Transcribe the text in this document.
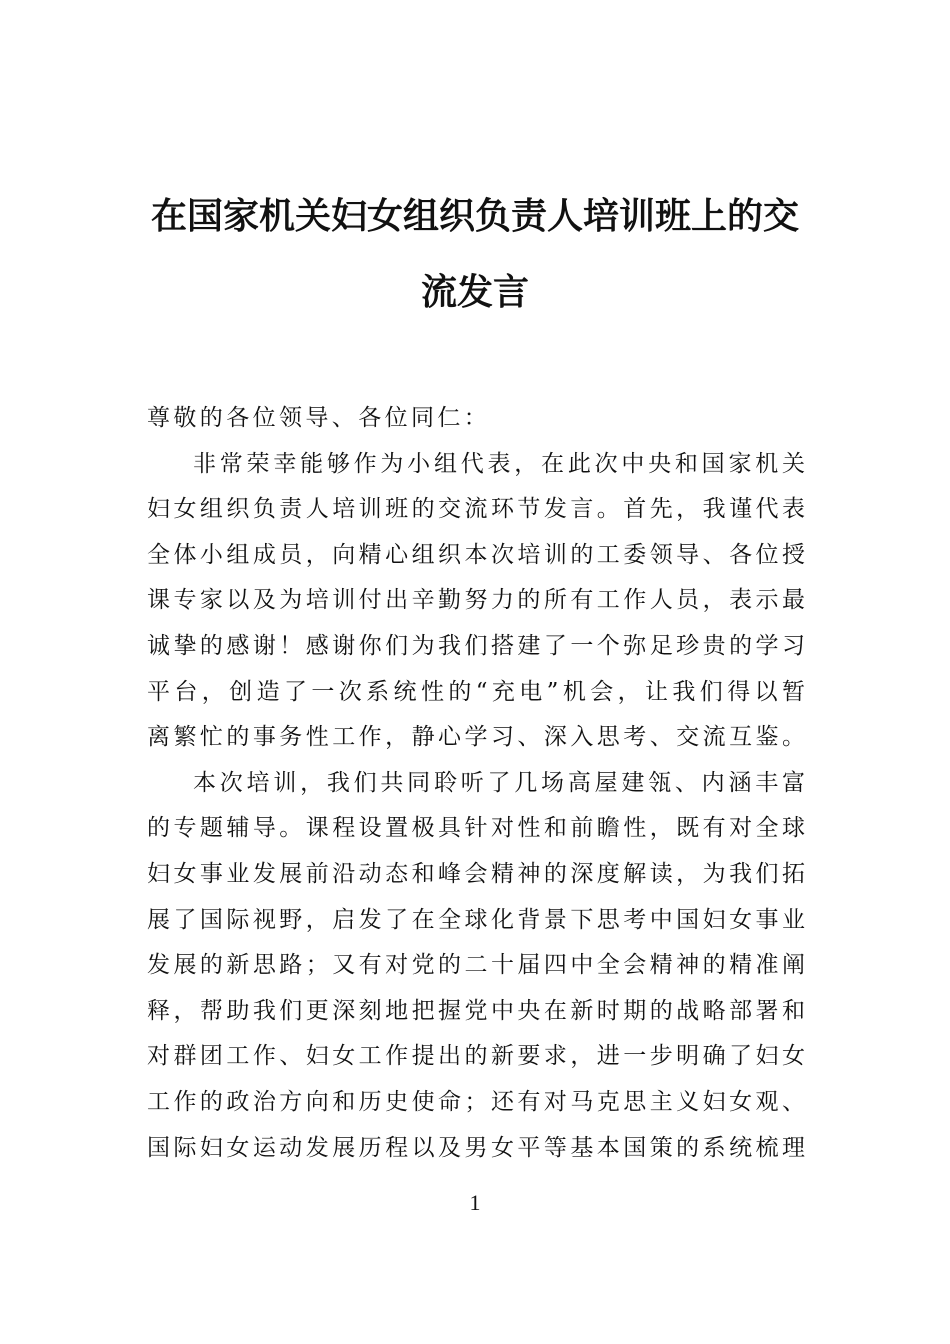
在国家机关妇女组织负责人培训班上的交
流发言
尊敬的各位领导、各位同仁：
非常荣幸能够作为小组代表，在此次中央和国家机关
妇女组织负责人培训班的交流环节发言。首先，我谨代表
全体小组成员，向精心组织本次培训的工委领导、各位授
课专家以及为培训付出辛勤努力的所有工作人员，表示最
诚挚的感谢！感谢你们为我们搭建了一个弥足珍贵的学习
平台，创造了一次系统性的“充电”机会，让我们得以暂
离繁忙的事务性工作，静心学习、深入思考、交流互鉴。
本次培训，我们共同聆听了几场高屋建瓴、内涵丰富
的专题辅导。课程设置极具针对性和前瞻性，既有对全球
妇女事业发展前沿动态和峰会精神的深度解读，为我们拓
展了国际视野，启发了在全球化背景下思考中国妇女事业
发展的新思路；又有对党的二十届四中全会精神的精准阐
释，帮助我们更深刻地把握党中央在新时期的战略部署和
对群团工作、妇女工作提出的新要求，进一步明确了妇女
工作的政治方向和历史使命；还有对马克思主义妇女观、
国际妇女运动发展历程以及男女平等基本国策的系统梳理
1
